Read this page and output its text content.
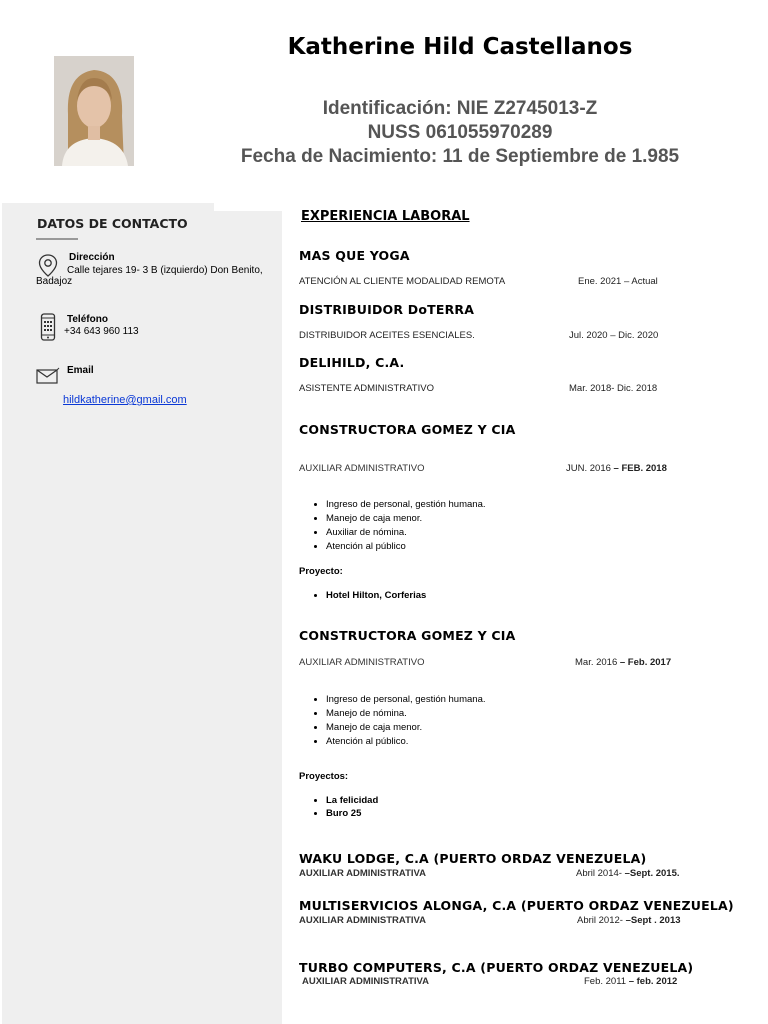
Katherine Hild Castellanos
Identificación: NIE Z2745013-Z
NUSS 061055970289
Fecha de Nacimiento: 11 de Septiembre de 1.985
DATOS DE CONTACTO
Dirección
Calle tejares 19- 3 B (izquierdo) Don Benito,
Badajoz
Teléfono
+34 643 960 113
Email
hildkatherine@gmail.com
EXPERIENCIA LABORAL
MAS QUE YOGA
ATENCIÓN AL CLIENTE MODALIDAD REMOTA	Ene. 2021 – Actual
DISTRIBUIDOR DoTERRA
DISTRIBUIDOR ACEITES ESENCIALES.	Jul. 2020 – Dic. 2020
DELIHILD, C.A.
ASISTENTE ADMINISTRATIVO	Mar. 2018- Dic. 2018
CONSTRUCTORA GOMEZ Y CIA
AUXILIAR ADMINISTRATIVO	JUN. 2016 – FEB. 2018
• Ingreso de personal, gestión humana.
• Manejo de caja menor.
• Auxiliar de nómina.
• Atención al público
Proyecto:
• Hotel Hilton, Corferias
CONSTRUCTORA GOMEZ Y CIA
AUXILIAR ADMINISTRATIVO	Mar. 2016 – Feb. 2017
• Ingreso de personal, gestión humana.
• Manejo de nómina.
• Manejo de caja menor.
• Atención al público.
Proyectos:
• La felicidad
• Buro 25
WAKU LODGE, C.A (PUERTO ORDAZ VENEZUELA)
AUXILIAR ADMINISTRATIVA	Abril 2014- –Sept. 2015.
MULTISERVICIOS ALONGA, C.A (PUERTO ORDAZ VENEZUELA)
AUXILIAR ADMINISTRATIVA	Abril 2012- –Sept . 2013
TURBO COMPUTERS, C.A (PUERTO ORDAZ VENEZUELA)
AUXILIAR ADMINISTRATIVA	Feb. 2011 – feb. 2012
